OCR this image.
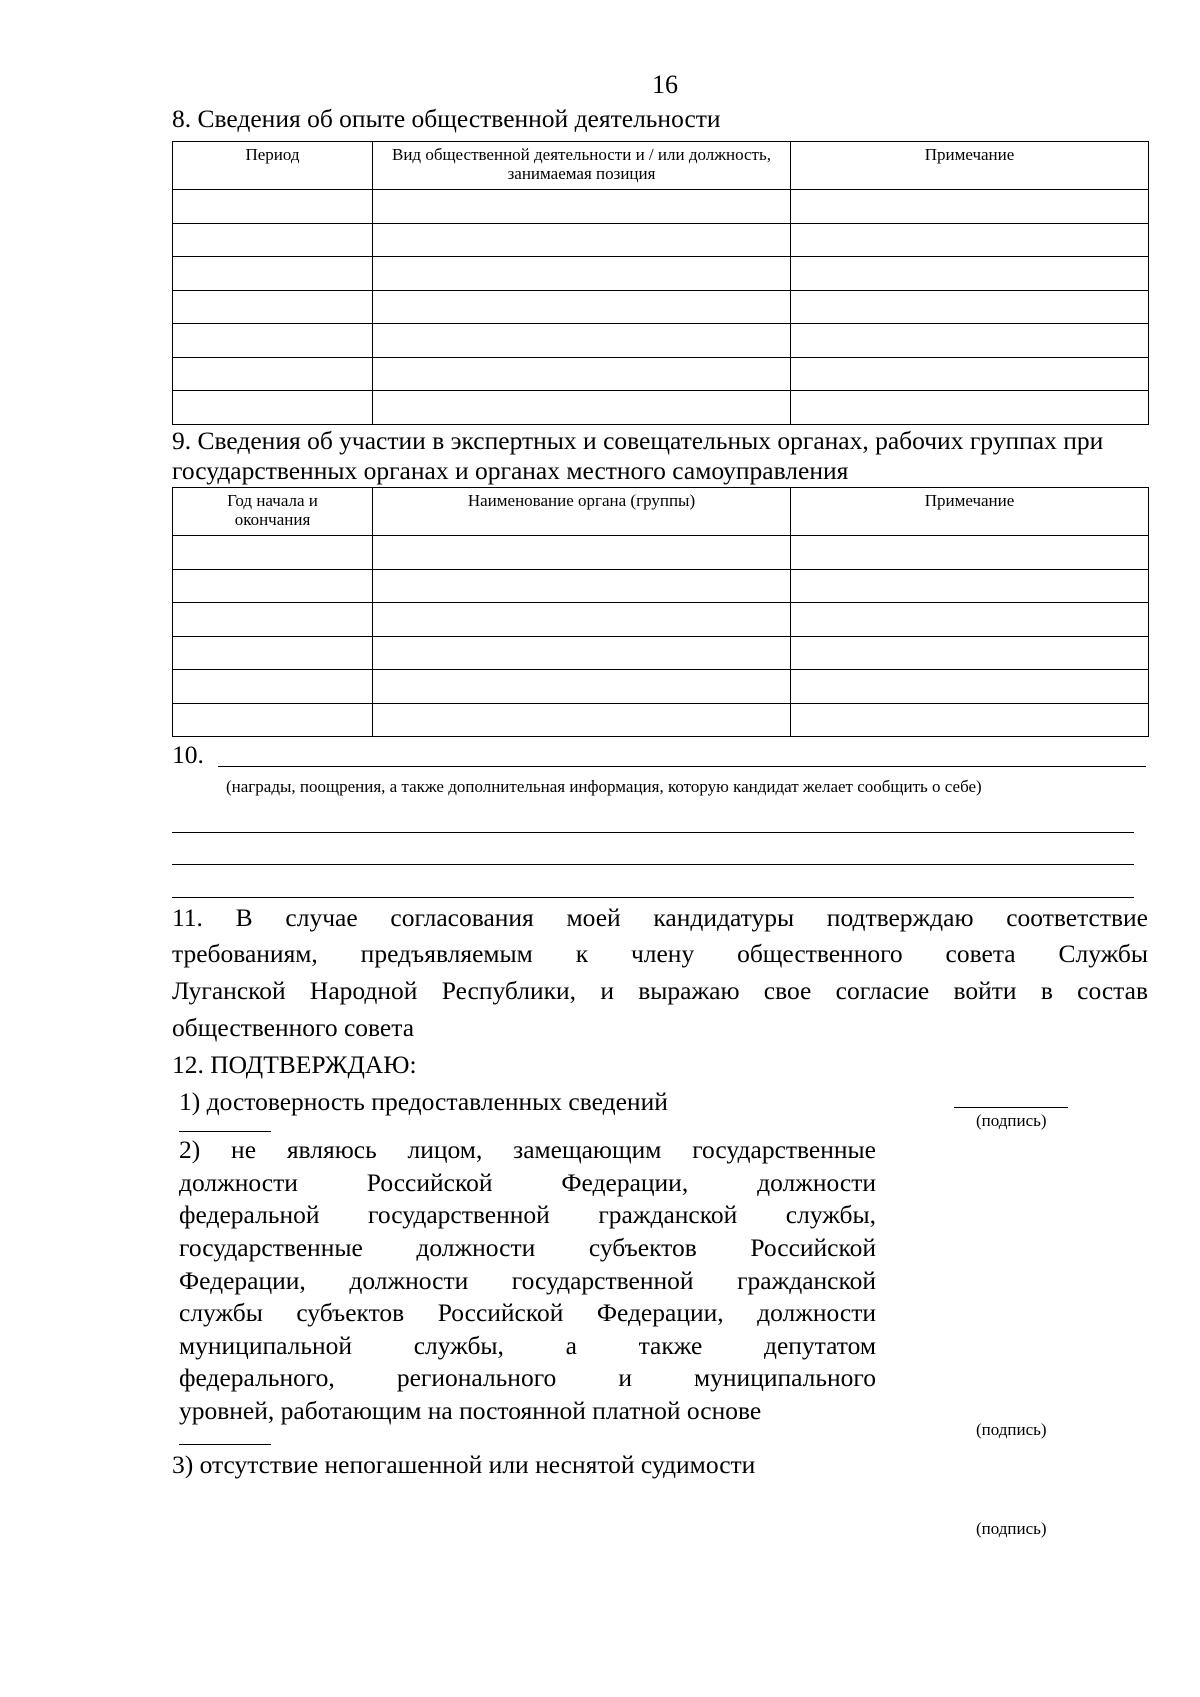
16
8. Сведения об опыте общественной деятельности
Период	Вид общественной деятельности и / или должность, занимаемая позиция	Примечание

9. Сведения об участии в экспертных и совещательных органах, рабочих группах при
государственных органах и органах местного самоуправления
Год начала и окончания	Наименование органа (группы)	Примечание

10.
(награды, поощрения, а также дополнительная информация, которую кандидат желает сообщить о себе)
11. В случае согласования моей кандидатуры подтверждаю соответствие
требованиям, предъявляемым к члену общественного совета Службы
Луганской Народной Республики, и выражаю свое согласие войти в состав
общественного совета
12. ПОДТВЕРЖДАЮ:
1) достоверность предоставленных сведений
(подпись)
2) не являюсь лицом, замещающим государственные
должности Российской Федерации, должности
федеральной государственной гражданской службы,
государственные должности субъектов Российской
Федерации, должности государственной гражданской
службы субъектов Российской Федерации, должности
муниципальной службы, а также депутатом
федерального, регионального и муниципального
уровней, работающим на постоянной платной основе
(подпись)
3) отсутствие непогашенной или неснятой судимости
(подпись)
